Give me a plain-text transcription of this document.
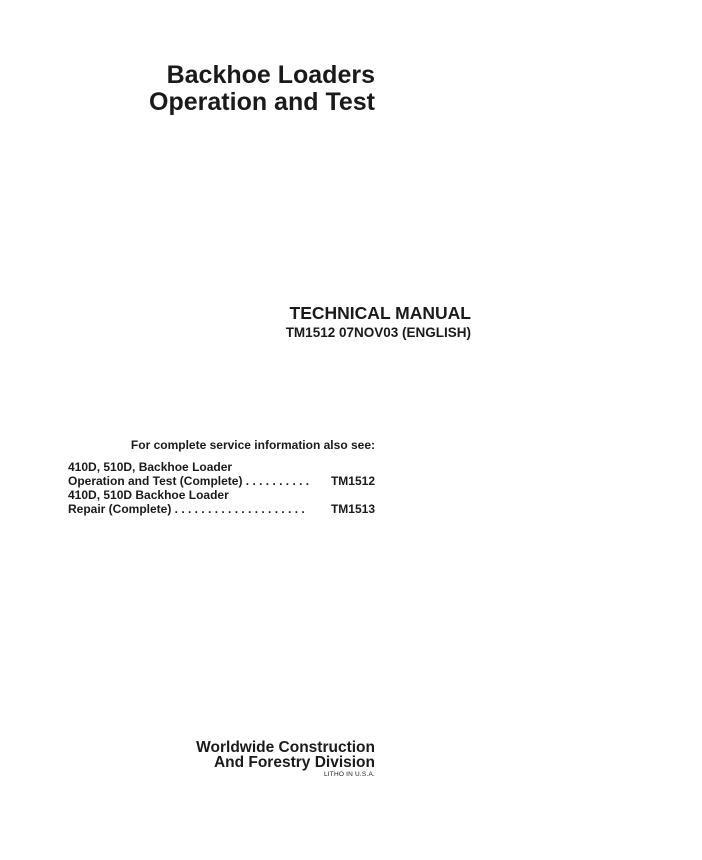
Backhoe Loaders
Operation and Test
TECHNICAL MANUAL
TM1512 07NOV03 (ENGLISH)
For complete service information also see:
410D, 510D, Backhoe Loader
Operation and Test (Complete) . . . . . . . . . . TM1512
410D, 510D Backhoe Loader
Repair (Complete) . . . . . . . . . . . . . . . . . . . . TM1513
Worldwide Construction
And Forestry Division
LITHO IN U.S.A.
